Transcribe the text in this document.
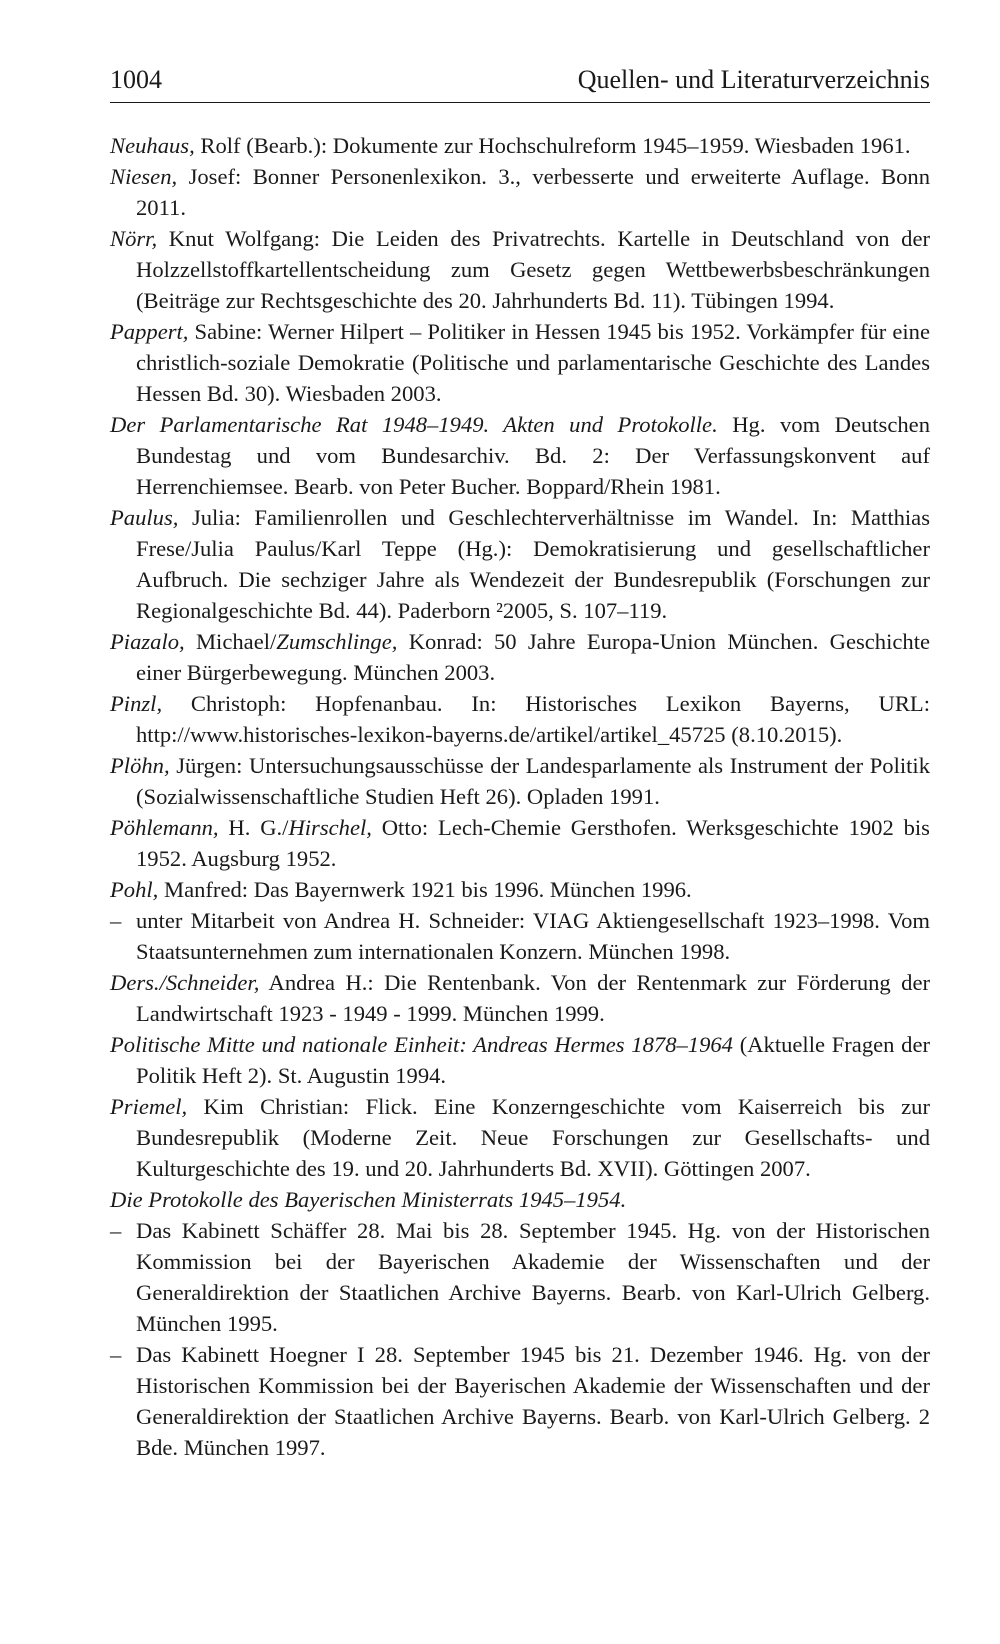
1004	Quellen- und Literaturverzeichnis

Neuhaus, Rolf (Bearb.): Dokumente zur Hochschulreform 1945–1959. Wiesbaden 1961.

Niesen, Josef: Bonner Personenlexikon. 3., verbesserte und erweiterte Auflage. Bonn 2011.

Nörr, Knut Wolfgang: Die Leiden des Privatrechts. Kartelle in Deutschland von der Holzzellstoffkartellentscheidung zum Gesetz gegen Wettbewerbsbeschränkungen (Beiträge zur Rechtsgeschichte des 20. Jahrhunderts Bd. 11). Tübingen 1994.

Pappert, Sabine: Werner Hilpert – Politiker in Hessen 1945 bis 1952. Vorkämpfer für eine christlich-soziale Demokratie (Politische und parlamentarische Geschichte des Landes Hessen Bd. 30). Wiesbaden 2003.

Der Parlamentarische Rat 1948–1949. Akten und Protokolle. Hg. vom Deutschen Bundestag und vom Bundesarchiv. Bd. 2: Der Verfassungskonvent auf Herrenchiemsee. Bearb. von Peter Bucher. Boppard/Rhein 1981.

Paulus, Julia: Familienrollen und Geschlechterverhältnisse im Wandel. In: Matthias Frese/Julia Paulus/Karl Teppe (Hg.): Demokratisierung und gesellschaftlicher Aufbruch. Die sechziger Jahre als Wendezeit der Bundesrepublik (Forschungen zur Regionalgeschichte Bd. 44). Paderborn ²2005, S. 107–119.

Piazalo, Michael/Zumschlinge, Konrad: 50 Jahre Europa-Union München. Geschichte einer Bürgerbewegung. München 2003.

Pinzl, Christoph: Hopfenanbau. In: Historisches Lexikon Bayerns, URL: http://www.historisches-lexikon-bayerns.de/artikel/artikel_45725 (8.10.2015).

Plöhn, Jürgen: Untersuchungsausschüsse der Landesparlamente als Instrument der Politik (Sozialwissenschaftliche Studien Heft 26). Opladen 1991.

Pöhlemann, H. G./Hirschel, Otto: Lech-Chemie Gersthofen. Werksgeschichte 1902 bis 1952. Augsburg 1952.

Pohl, Manfred: Das Bayernwerk 1921 bis 1996. München 1996.

– unter Mitarbeit von Andrea H. Schneider: VIAG Aktiengesellschaft 1923–1998. Vom Staatsunternehmen zum internationalen Konzern. München 1998.

Ders./Schneider, Andrea H.: Die Rentenbank. Von der Rentenmark zur Förderung der Landwirtschaft 1923 - 1949 - 1999. München 1999.

Politische Mitte und nationale Einheit: Andreas Hermes 1878–1964 (Aktuelle Fragen der Politik Heft 2). St. Augustin 1994.

Priemel, Kim Christian: Flick. Eine Konzerngeschichte vom Kaiserreich bis zur Bundesrepublik (Moderne Zeit. Neue Forschungen zur Gesellschafts- und Kulturgeschichte des 19. und 20. Jahrhunderts Bd. XVII). Göttingen 2007.

Die Protokolle des Bayerischen Ministerrats 1945–1954.

– Das Kabinett Schäffer 28. Mai bis 28. September 1945. Hg. von der Historischen Kommission bei der Bayerischen Akademie der Wissenschaften und der Generaldirektion der Staatlichen Archive Bayerns. Bearb. von Karl-Ulrich Gelberg. München 1995.

– Das Kabinett Hoegner I 28. September 1945 bis 21. Dezember 1946. Hg. von der Historischen Kommission bei der Bayerischen Akademie der Wissenschaften und der Generaldirektion der Staatlichen Archive Bayerns. Bearb. von Karl-Ulrich Gelberg. 2 Bde. München 1997.
